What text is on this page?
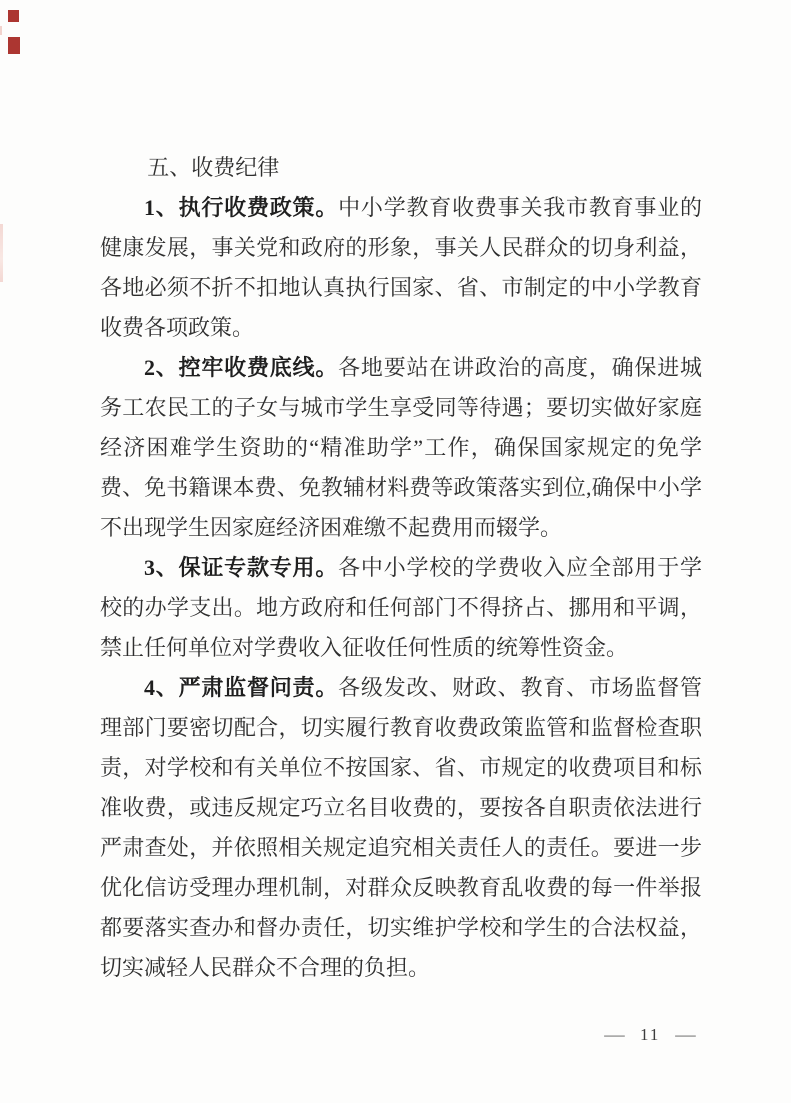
五、收费纪律

1、执行收费政策。中小学教育收费事关我市教育事业的健康发展，事关党和政府的形象，事关人民群众的切身利益，各地必须不折不扣地认真执行国家、省、市制定的中小学教育收费各项政策。

2、控牢收费底线。各地要站在讲政治的高度，确保进城务工农民工的子女与城市学生享受同等待遇；要切实做好家庭经济困难学生资助的“精准助学”工作，确保国家规定的免学费、免书籍课本费、免教辅材料费等政策落实到位,确保中小学不出现学生因家庭经济困难缴不起费用而辍学。

3、保证专款专用。各中小学校的学费收入应全部用于学校的办学支出。地方政府和任何部门不得挤占、挪用和平调，禁止任何单位对学费收入征收任何性质的统筹性资金。

4、严肃监督问责。各级发改、财政、教育、市场监督管理部门要密切配合，切实履行教育收费政策监管和监督检查职责，对学校和有关单位不按国家、省、市规定的收费项目和标准收费，或违反规定巧立名目收费的，要按各自职责依法进行严肃查处，并依照相关规定追究相关责任人的责任。要进一步优化信访受理办理机制，对群众反映教育乱收费的每一件举报都要落实查办和督办责任，切实维护学校和学生的合法权益，切实减轻人民群众不合理的负担。

— 11 —
